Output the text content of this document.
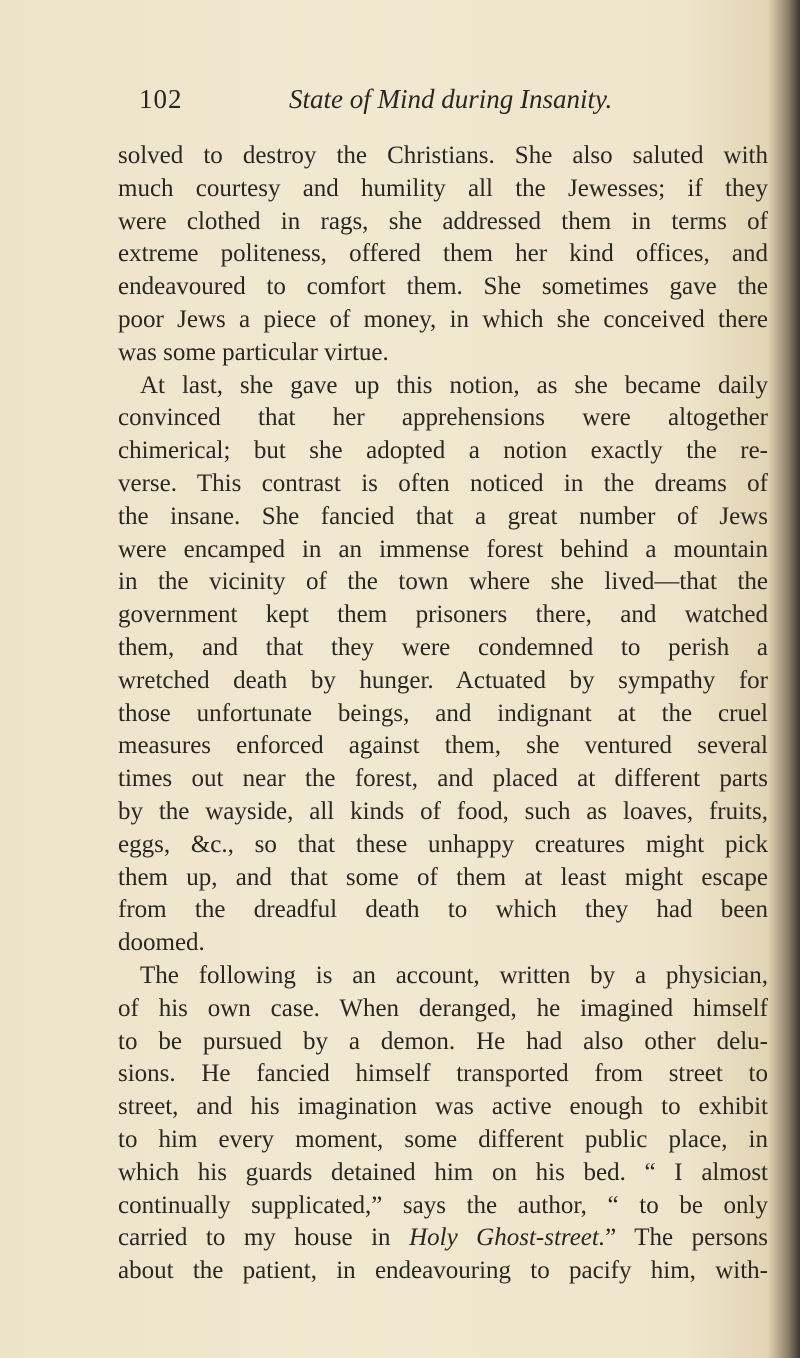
102	State of Mind during Insanity.
solved to destroy the Christians. She also saluted with
much courtesy and humility all the Jewesses; if they
were clothed in rags, she addressed them in terms of
extreme politeness, offered them her kind offices, and
endeavoured to comfort them. She sometimes gave the
poor Jews a piece of money, in which she conceived there
was some particular virtue.
At last, she gave up this notion, as she became daily
convinced that her apprehensions were altogether
chimerical; but she adopted a notion exactly the re-
verse. This contrast is often noticed in the dreams of
the insane. She fancied that a great number of Jews
were encamped in an immense forest behind a mountain
in the vicinity of the town where she lived—that the
government kept them prisoners there, and watched
them, and that they were condemned to perish a
wretched death by hunger. Actuated by sympathy for
those unfortunate beings, and indignant at the cruel
measures enforced against them, she ventured several
times out near the forest, and placed at different parts
by the wayside, all kinds of food, such as loaves, fruits,
eggs, &c., so that these unhappy creatures might pick
them up, and that some of them at least might escape
from the dreadful death to which they had been
doomed.
The following is an account, written by a physician,
of his own case. When deranged, he imagined himself
to be pursued by a demon. He had also other delu-
sions. He fancied himself transported from street to
street, and his imagination was active enough to exhibit
to him every moment, some different public place, in
which his guards detained him on his bed. “ I almost
continually supplicated,” says the author, “ to be only
carried to my house in Holy Ghost-street.” The persons
about the patient, in endeavouring to pacify him, with-
